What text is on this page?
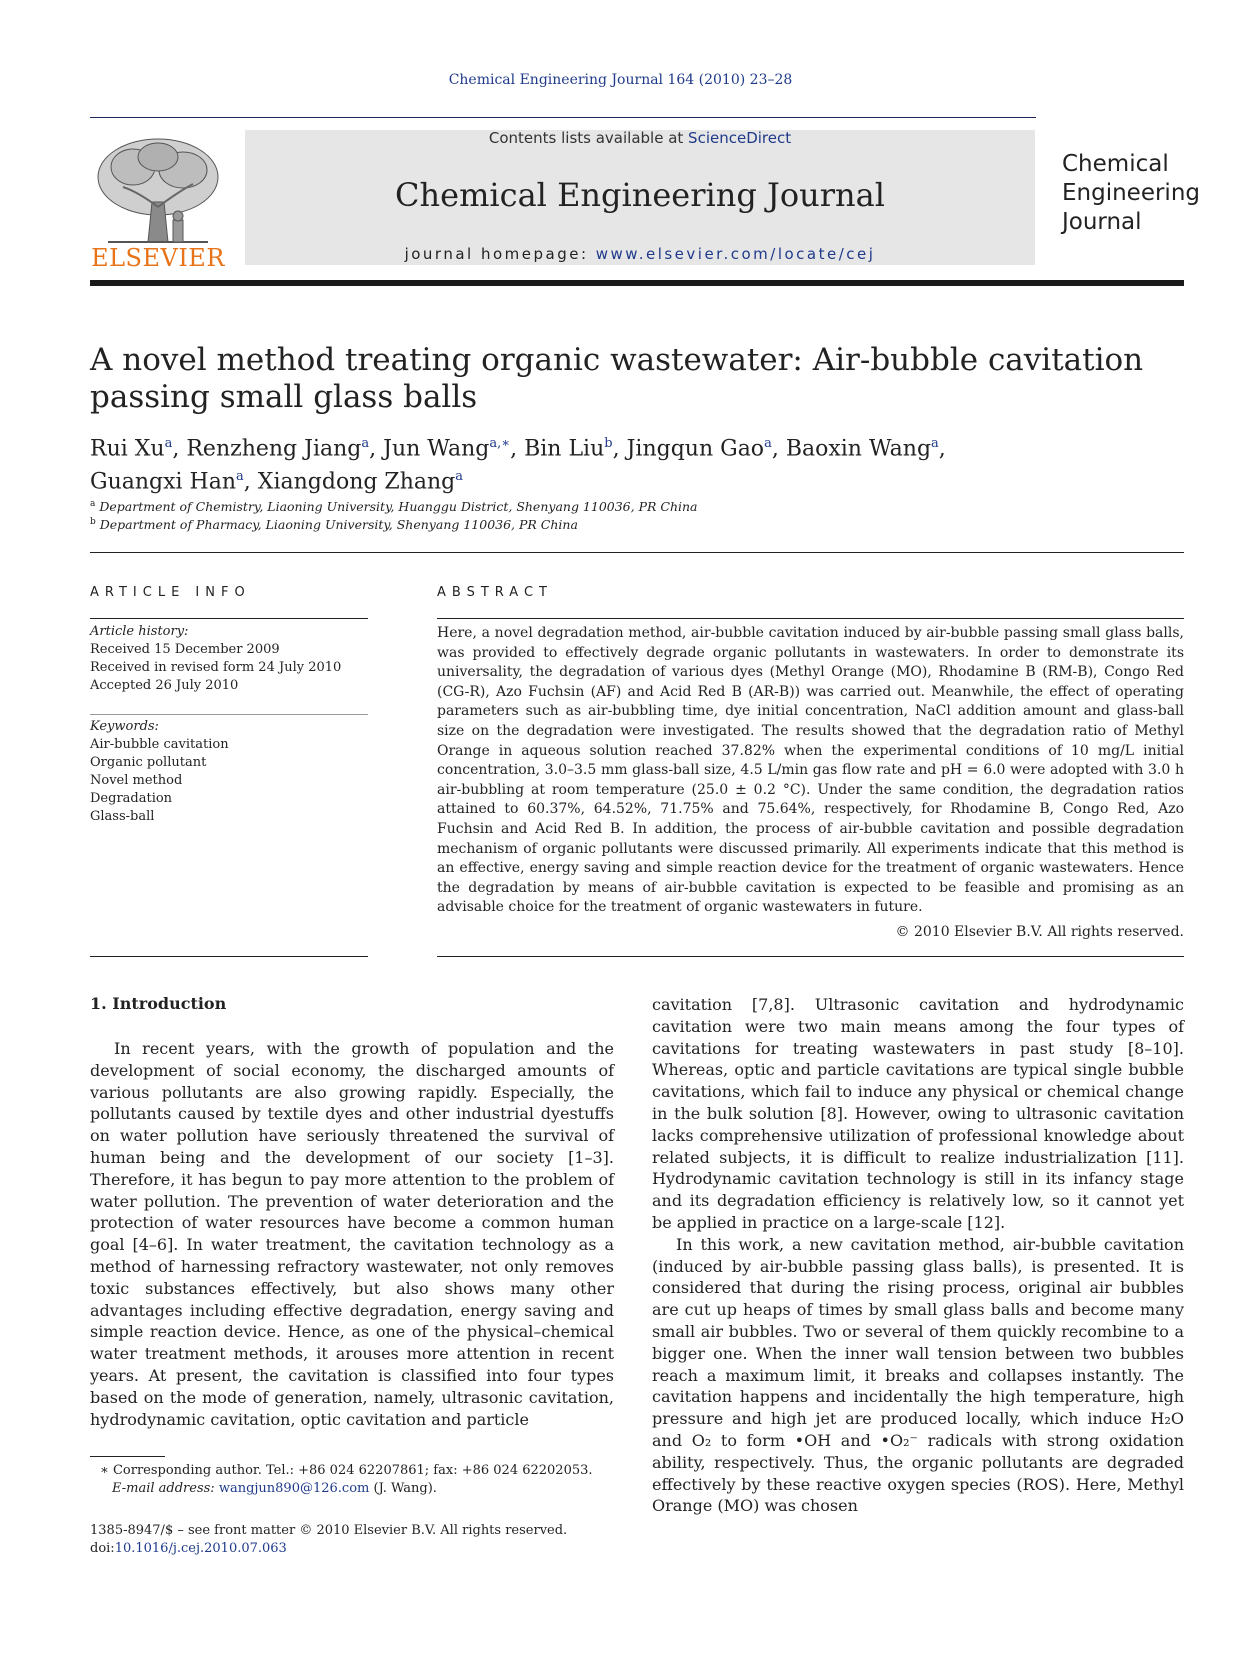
Chemical Engineering Journal 164 (2010) 23–28
Contents lists available at ScienceDirect
Chemical Engineering Journal
journal homepage: www.elsevier.com/locate/cej
ELSEVIER
Chemical
Engineering
Journal
A novel method treating organic wastewater: Air-bubble cavitation passing small glass balls
Rui Xu$^a$, Renzheng Jiang$^a$, Jun Wang$^{a,∗}$, Bin Liu$^b$, Jingqun Gao$^a$, Baoxin Wang$^a$,
Guangxi Han$^a$, Xiangdong Zhang$^a$
$^a$ Department of Chemistry, Liaoning University, Huanggu District, Shenyang 110036, PR China
$^b$ Department of Pharmacy, Liaoning University, Shenyang 110036, PR China
ARTICLE INFO
Article history:
Received 15 December 2009
Received in revised form 24 July 2010
Accepted 26 July 2010
Keywords:
Air-bubble cavitation
Organic pollutant
Novel method
Degradation
Glass-ball
ABSTRACT
Here, a novel degradation method, air-bubble cavitation induced by air-bubble passing small glass balls, was provided to effectively degrade organic pollutants in wastewaters. In order to demonstrate its universality, the degradation of various dyes (Methyl Orange (MO), Rhodamine B (RM-B), Congo Red (CG-R), Azo Fuchsin (AF) and Acid Red B (AR-B)) was carried out. Meanwhile, the effect of operating parameters such as air-bubbling time, dye initial concentration, NaCl addition amount and glass-ball size on the degradation were investigated. The results showed that the degradation ratio of Methyl Orange in aqueous solution reached 37.82% when the experimental conditions of 10 mg/L initial concentration, 3.0–3.5 mm glass-ball size, 4.5 L/min gas flow rate and pH = 6.0 were adopted with 3.0 h air-bubbling at room temperature (25.0 ± 0.2 °C). Under the same condition, the degradation ratios attained to 60.37%, 64.52%, 71.75% and 75.64%, respectively, for Rhodamine B, Congo Red, Azo Fuchsin and Acid Red B. In addition, the process of air-bubble cavitation and possible degradation mechanism of organic pollutants were discussed primarily. All experiments indicate that this method is an effective, energy saving and simple reaction device for the treatment of organic wastewaters. Hence the degradation by means of air-bubble cavitation is expected to be feasible and promising as an advisable choice for the treatment of organic wastewaters in future.
© 2010 Elsevier B.V. All rights reserved.
1. Introduction

In recent years, with the growth of population and the development of social economy, the discharged amounts of various pollutants are also growing rapidly. Especially, the pollutants caused by textile dyes and other industrial dyestuffs on water pollution have seriously threatened the survival of human being and the development of our society [1–3]. Therefore, it has begun to pay more attention to the problem of water pollution. The prevention of water deterioration and the protection of water resources have become a common human goal [4–6]. In water treatment, the cavitation technology as a method of harnessing refractory wastewater, not only removes toxic substances effectively, but also shows many other advantages including effective degradation, energy saving and simple reaction device. Hence, as one of the physical–chemical water treatment methods, it arouses more attention in recent years. At present, the cavitation is classified into four types based on the mode of generation, namely, ultrasonic cavitation, hydrodynamic cavitation, optic cavitation and particle

cavitation [7,8]. Ultrasonic cavitation and hydrodynamic cavitation were two main means among the four types of cavitations for treating wastewaters in past study [8–10]. Whereas, optic and particle cavitations are typical single bubble cavitations, which fail to induce any physical or chemical change in the bulk solution [8]. However, owing to ultrasonic cavitation lacks comprehensive utilization of professional knowledge about related subjects, it is difficult to realize industrialization [11]. Hydrodynamic cavitation technology is still in its infancy stage and its degradation efficiency is relatively low, so it cannot yet be applied in practice on a large-scale [12].

In this work, a new cavitation method, air-bubble cavitation (induced by air-bubble passing glass balls), is presented. It is considered that during the rising process, original air bubbles are cut up heaps of times by small glass balls and become many small air bubbles. Two or several of them quickly recombine to a bigger one. When the inner wall tension between two bubbles reach a maximum limit, it breaks and collapses instantly. The cavitation happens and incidentally the high temperature, high pressure and high jet are produced locally, which induce H₂O and O₂ to form •OH and •O₂⁻ radicals with strong oxidation ability, respectively. Thus, the organic pollutants are degraded effectively by these reactive oxygen species (ROS). Here, Methyl Orange (MO) was chosen

∗ Corresponding author. Tel.: +86 024 62207861; fax: +86 024 62202053.
E-mail address: wangjun890@126.com (J. Wang).
1385-8947/$ – see front matter © 2010 Elsevier B.V. All rights reserved.
doi:10.1016/j.cej.2010.07.063
